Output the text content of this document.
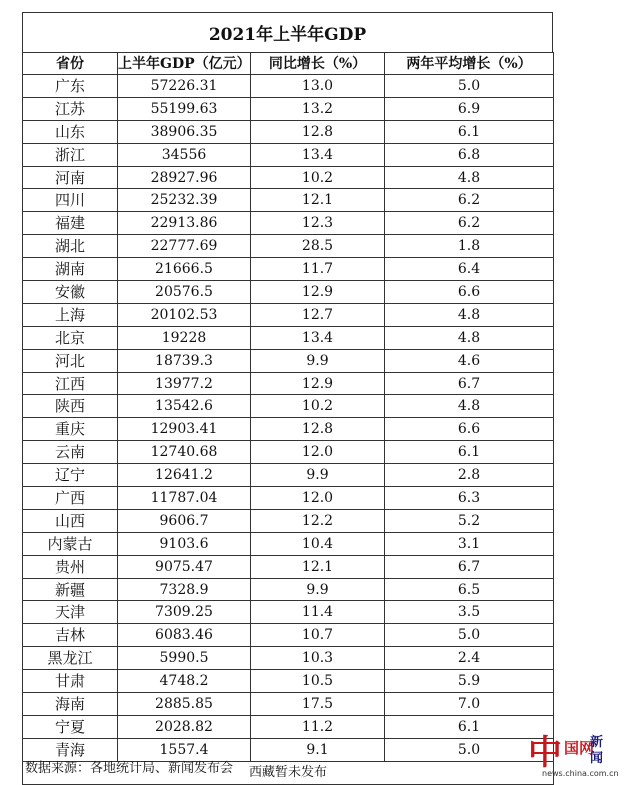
2021年上半年GDP
省份	上半年GDP（亿元）	同比增长（%）	两年平均增长（%）
广东	57226.31	13.0	5.0
江苏	55199.63	13.2	6.9
山东	38906.35	12.8	6.1
浙江	34556	13.4	6.8
河南	28927.96	10.2	4.8
四川	25232.39	12.1	6.2
福建	22913.86	12.3	6.2
湖北	22777.69	28.5	1.8
湖南	21666.5	11.7	6.4
安徽	20576.5	12.9	6.6
上海	20102.53	12.7	4.8
北京	19228	13.4	4.8
河北	18739.3	9.9	4.6
江西	13977.2	12.9	6.7
陕西	13542.6	10.2	4.8
重庆	12903.41	12.8	6.6
云南	12740.68	12.0	6.1
辽宁	12641.2	9.9	2.8
广西	11787.04	12.0	6.3
山西	9606.7	12.2	5.2
内蒙古	9103.6	10.4	3.1
贵州	9075.47	12.1	6.7
新疆	7328.9	9.9	6.5
天津	7309.25	11.4	3.5
吉林	6083.46	10.7	5.0
黑龙江	5990.5	10.3	2.4
甘肃	4748.2	10.5	5.9
海南	2885.85	17.5	7.0
宁夏	2028.82	11.2	6.1
青海	1557.4	9.1	5.0
西藏暂未发布			
数据来源：各地统计局、新闻发布会	中 国网
新闻
news.china.com.cn
